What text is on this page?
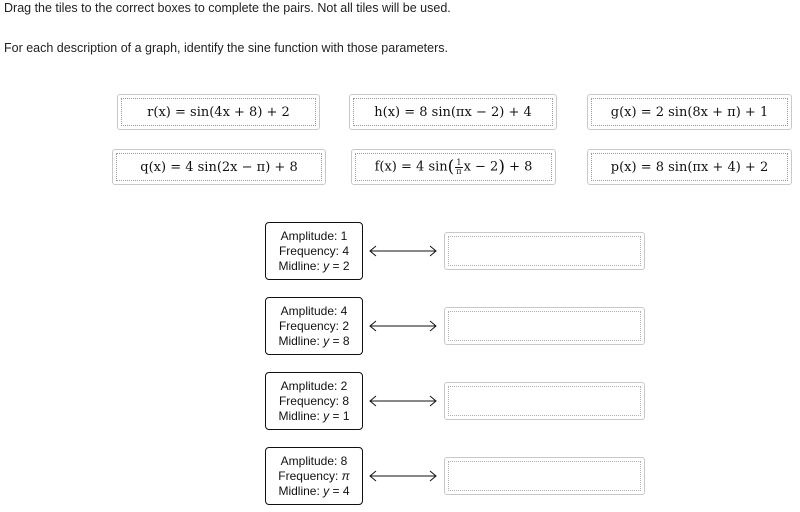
Drag the tiles to the correct boxes to complete the pairs. Not all tiles will be used.
For each description of a graph, identify the sine function with those parameters.
r(x) = sin(4x + 8) + 2	h(x) = 8 sin(πx − 2) + 4	g(x) = 2 sin(8x + π) + 1
q(x) = 4 sin(2x − π) + 8	f(x) = 4 $\sin( \frac{1}{\pi}$ x − 2) + 8	p(x) = 8 sin(πx + 4) + 2
Amplitude: 1
Frequency: 4
Midline: y = 2
Amplitude: 4
Frequency: 2
Midline: y = 8
Amplitude: 2
Frequency: 8
Midline: y = 1
Amplitude: 8
Frequency: π
Midline: y = 4
